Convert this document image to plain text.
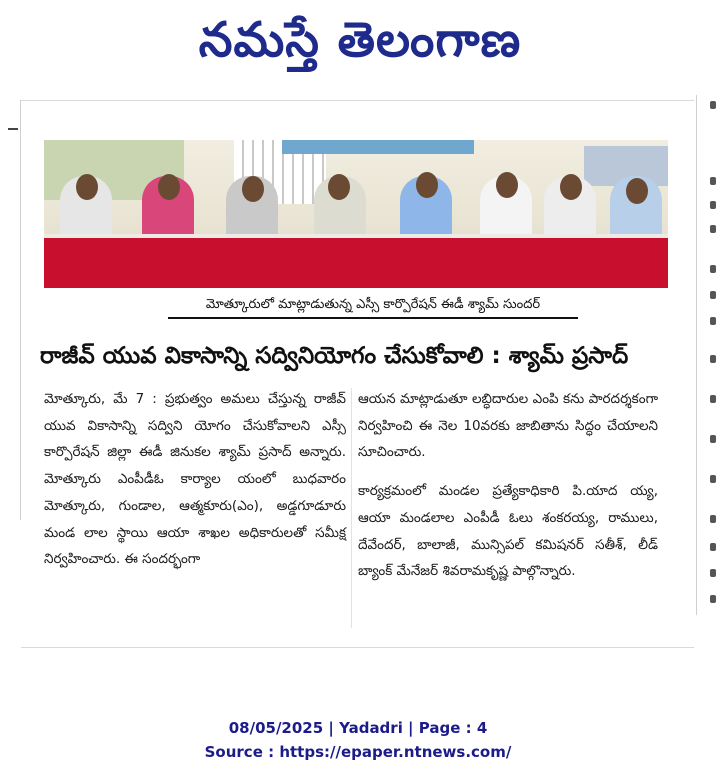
నమస్తే తెలంగాణ
మోత్కూరులో మాట్లాడుతున్న ఎస్సీ కార్పొరేషన్ ఈడీ శ్యామ్ సుందర్
రాజీవ్ యువ వికాసాన్ని సద్వినియోగం చేసుకోవాలి : శ్యామ్ ప్రసాద్

మోత్కూరు, మే 7 : ప్రభుత్వం అమలు చేస్తున్న రాజీవ్ యువ వికాసాన్ని సద్విని యోగం చేసుకోవాలని ఎస్సీ కార్పొరేషన్ జిల్లా ఈడీ జినుకల శ్యామ్ ప్రసాద్ అన్నారు. మోత్కూరు ఎంపీడీఓ కార్యాల యంలో బుధవారం మోత్కూరు, గుండాల, ఆత్మకూరు(ఎం), అడ్డగూడూరు మండ లాల స్థాయి ఆయా శాఖల అధికారులతో సమీక్ష నిర్వహించారు. ఈ సందర్భంగా

ఆయన మాట్లాడుతూ లబ్ధిదారుల ఎంపి కను పారదర్శకంగా నిర్వహించి ఈ నెల 10వరకు జాబితాను సిద్ధం చేయాలని సూచించారు.

కార్యక్రమంలో మండల ప్రత్యేకాధికారి పి.యాద య్య, ఆయా మండలాల ఎంపీడీ ఓలు శంకరయ్య, రాములు, దేవేందర్, బాలాజీ, మున్సిపల్ కమిషనర్ సతీశ్, లీడ్ బ్యాంక్ మేనేజర్ శివరామకృష్ణ పాల్గొన్నారు.

08/05/2025 | Yadadri | Page : 4
Source : https://epaper.ntnews.com/
